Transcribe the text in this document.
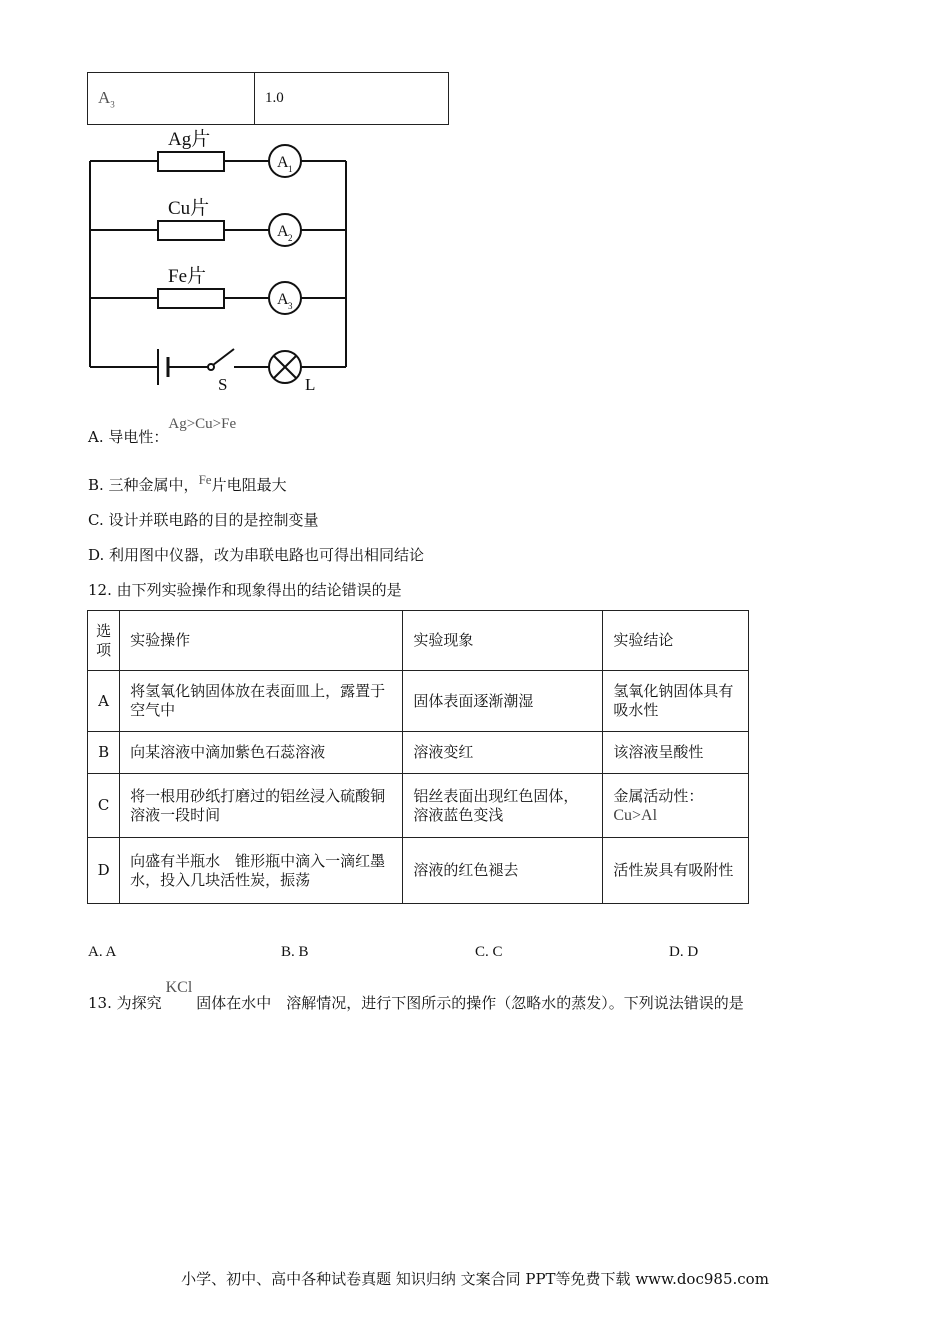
$A_3$	1.0
Ag片
Cu片
Fe片
A 1
A 2
A 3
S	L
A. 导电性：Ag>Cu>Fe
B. 三种金属中，Fe片电阻最大
C. 设计并联电路的目的是控制变量
D. 利用图中仪器，改为串联电路也可得出相同结论
12. 由下列实验操作和现象得出的结论错误的是
选
项	实验操作	实验现象	实验结论
A	将氢氧化钠固体放在表面皿上，露置于空气中	固体表面逐渐潮湿	氢氧化钠固体具有吸水性
B	向某溶液中滴加紫色石蕊溶液	溶液变红	该溶液呈酸性
C	将一根用砂纸打磨过的铝丝浸入硫酸铜溶液一段时间	铝丝表面出现红色固体，溶液蓝色变浅	金属活动性：
Cu>Al
D	向盛有半瓶水　锥形瓶中滴入一滴红墨水，投入几块活性炭，振荡	溶液的红色褪去	活性炭具有吸附性
A. A	B. B	C. C	D. D
13. 为探究KCl固体在水中　溶解情况，进行下图所示的操作（忽略水的蒸发）。下列说法错误的是
小学、初中、高中各种试卷真题 知识归纳 文案合同 PPT等免费下载 www.doc985.com
